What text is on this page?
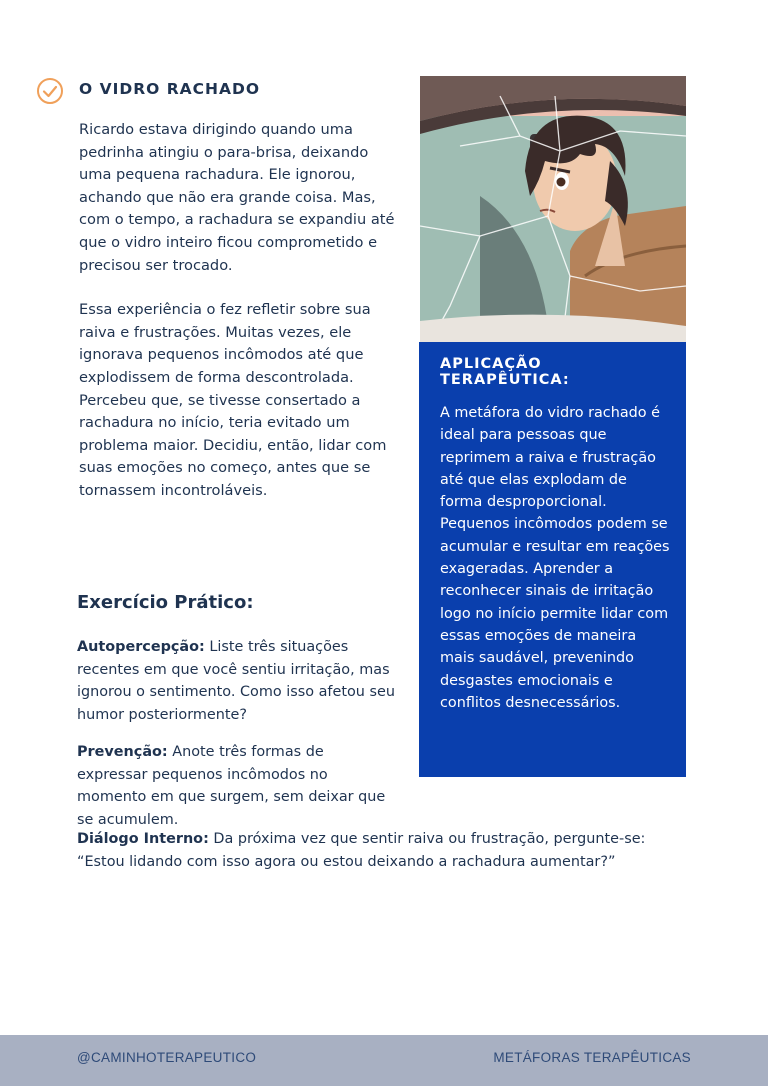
O VIDRO RACHADO

Ricardo estava dirigindo quando uma pedrinha atingiu o para-brisa, deixando uma pequena rachadura. Ele ignorou, achando que não era grande coisa. Mas, com o tempo, a rachadura se expandiu até que o vidro inteiro ficou comprometido e precisou ser trocado.

Essa experiência o fez refletir sobre sua raiva e frustrações. Muitas vezes, ele ignorava pequenos incômodos até que explodissem de forma descontrolada. Percebeu que, se tivesse consertado a rachadura no início, teria evitado um problema maior. Decidiu, então, lidar com suas emoções no começo, antes que se tornassem incontroláveis.

APLICAÇÃO TERAPÊUTICA:

A metáfora do vidro rachado é ideal para pessoas que reprimem a raiva e frustração até que elas explodam de forma desproporcional. Pequenos incômodos podem se acumular e resultar em reações exageradas. Aprender a reconhecer sinais de irritação logo no início permite lidar com essas emoções de maneira mais saudável, prevenindo desgastes emocionais e conflitos desnecessários.

Exercício Prático:

Autopercepção: Liste três situações recentes em que você sentiu irritação, mas ignorou o sentimento. Como isso afetou seu humor posteriormente?

Prevenção: Anote três formas de expressar pequenos incômodos no momento em que surgem, sem deixar que se acumulem.

Diálogo Interno: Da próxima vez que sentir raiva ou frustração, pergunte-se: “Estou lidando com isso agora ou estou deixando a rachadura aumentar?”

@CAMINHOTERAPEUTICO	METÁFORAS TERAPÊUTICAS
